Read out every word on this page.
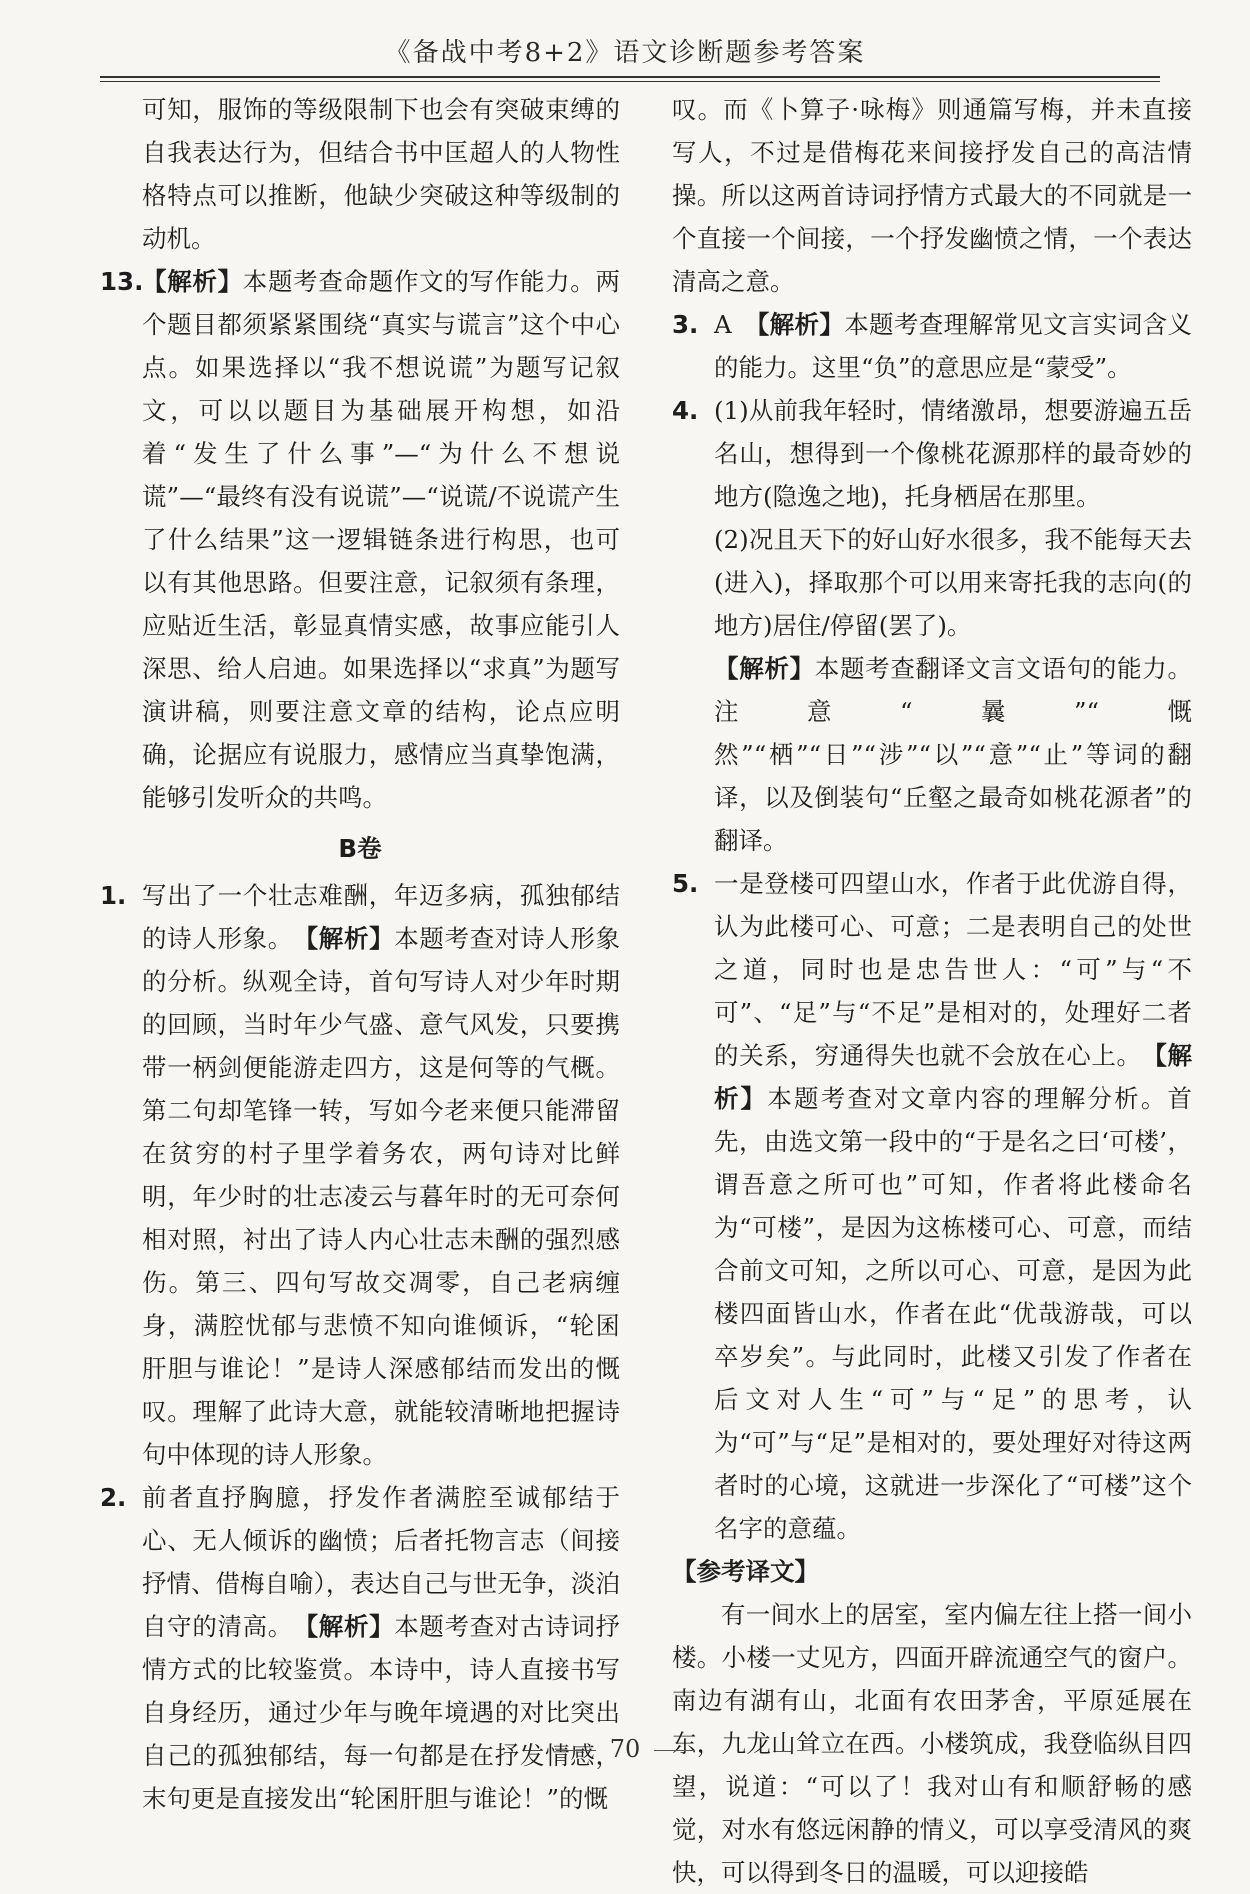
《备战中考8+2》语文诊断题参考答案

可知，服饰的等级限制下也会有突破束缚的自我表达行为，但结合书中匡超人的人物性格特点可以推断，他缺少突破这种等级制的动机。

13.
【解析】本题考查命题作文的写作能力。两个题目都须紧紧围绕“真实与谎言”这个中心点。如果选择以“我不想说谎”为题写记叙文，可以以题目为基础展开构想，如沿着“发生了什么事”—“为什么不想说谎”—“最终有没有说谎”—“说谎/不说谎产生了什么结果”这一逻辑链条进行构思，也可以有其他思路。但要注意，记叙须有条理，应贴近生活，彰显真情实感，故事应能引人深思、给人启迪。如果选择以“求真”为题写演讲稿，则要注意文章的结构，论点应明确，论据应有说服力，感情应当真挚饱满，能够引发听众的共鸣。
B卷
1. 写出了一个壮志难酬，年迈多病，孤独郁结的诗人形象。　 【解析】本题考查对诗人形象的分析。纵观全诗，首句写诗人对少年时期的回顾，当时年少气盛、意气风发，只要携带一柄剑便能游走四方，这是何等的气概。第二句却笔锋一转，写如今老来便只能滞留在贫穷的村子里学着务农，两句诗对比鲜明，年少时的壮志凌云与暮年时的无可奈何相对照，衬出了诗人内心壮志未酬的强烈感伤。第三、四句写故交凋零，自己老病缠身，满腔忧郁与悲愤不知向谁倾诉，“轮囷肝胆与谁论！”是诗人深感郁结而发出的慨叹。理解了此诗大意，就能较清晰地把握诗句中体现的诗人形象。
2. 前者直抒胸臆，抒发作者满腔至诚郁结于心、无人倾诉的幽愤；后者托物言志（间接抒情、借梅自喻），表达自己与世无争，淡泊自守的清高。　 【解析】本题考查对古诗词抒情方式的比较鉴赏。本诗中，诗人直接书写自身经历，通过少年与晚年境遇的对比突出自己的孤独郁结，每一句都是在抒发情感，末句更是直接发出“轮囷肝胆与谁论！”的慨

叹。而《卜算子·咏梅》则通篇写梅，并未直接写人，不过是借梅花来间接抒发自己的高洁情操。所以这两首诗词抒情方式最大的不同就是一个直接一个间接，一个抒发幽愤之情，一个表达清高之意。

3. A　 【解析】本题考查理解常见文言实词含义的能力。这里“负”的意思应是“蒙受”。
4. (1)从前我年轻时，情绪激昂，想要游遍五岳名山，想得到一个像桃花源那样的最奇妙的地方(隐逸之地)，托身栖居在那里。

(2)况且天下的好山好水很多，我不能每天去(进入)，择取那个可以用来寄托我的志向(的地方)居住/停留(罢了)。

【解析】本题考查翻译文言文语句的能力。注意“曩”“慨然”“栖”“日”“涉”“以”“意”“止”等词的翻译，以及倒装句“丘壑之最奇如桃花源者”的翻译。

5. 一是登楼可四望山水，作者于此优游自得，认为此楼可心、可意；二是表明自己的处世之道，同时也是忠告世人：“可”与“不可”、“足”与“不足”是相对的，处理好二者的关系，穷通得失也就不会放在心上。　 【解析】本题考查对文章内容的理解分析。首先，由选文第一段中的“于是名之曰‘可楼’，谓吾意之所可也”可知，作者将此楼命名为“可楼”，是因为这栋楼可心、可意，而结合前文可知，之所以可心、可意，是因为此楼四面皆山水，作者在此“优哉游哉，可以卒岁矣”。与此同时，此楼又引发了作者在后文对人生“可”与“足”的思考，认为“可”与“足”是相对的，要处理好对待这两者时的心境，这就进一步深化了“可楼”这个名字的意蕴。

【参考译文】

有一间水上的居室，室内偏左往上搭一间小楼。小楼一丈见方，四面开辟流通空气的窗户。南边有湖有山，北面有农田茅舍，平原延展在东，九龙山耸立在西。小楼筑成，我登临纵目四望，说道：“可以了！我对山有和顺舒畅的感觉，对水有悠远闲静的情义，可以享受清风的爽快，可以得到冬日的温暖，可以迎接皓

70
